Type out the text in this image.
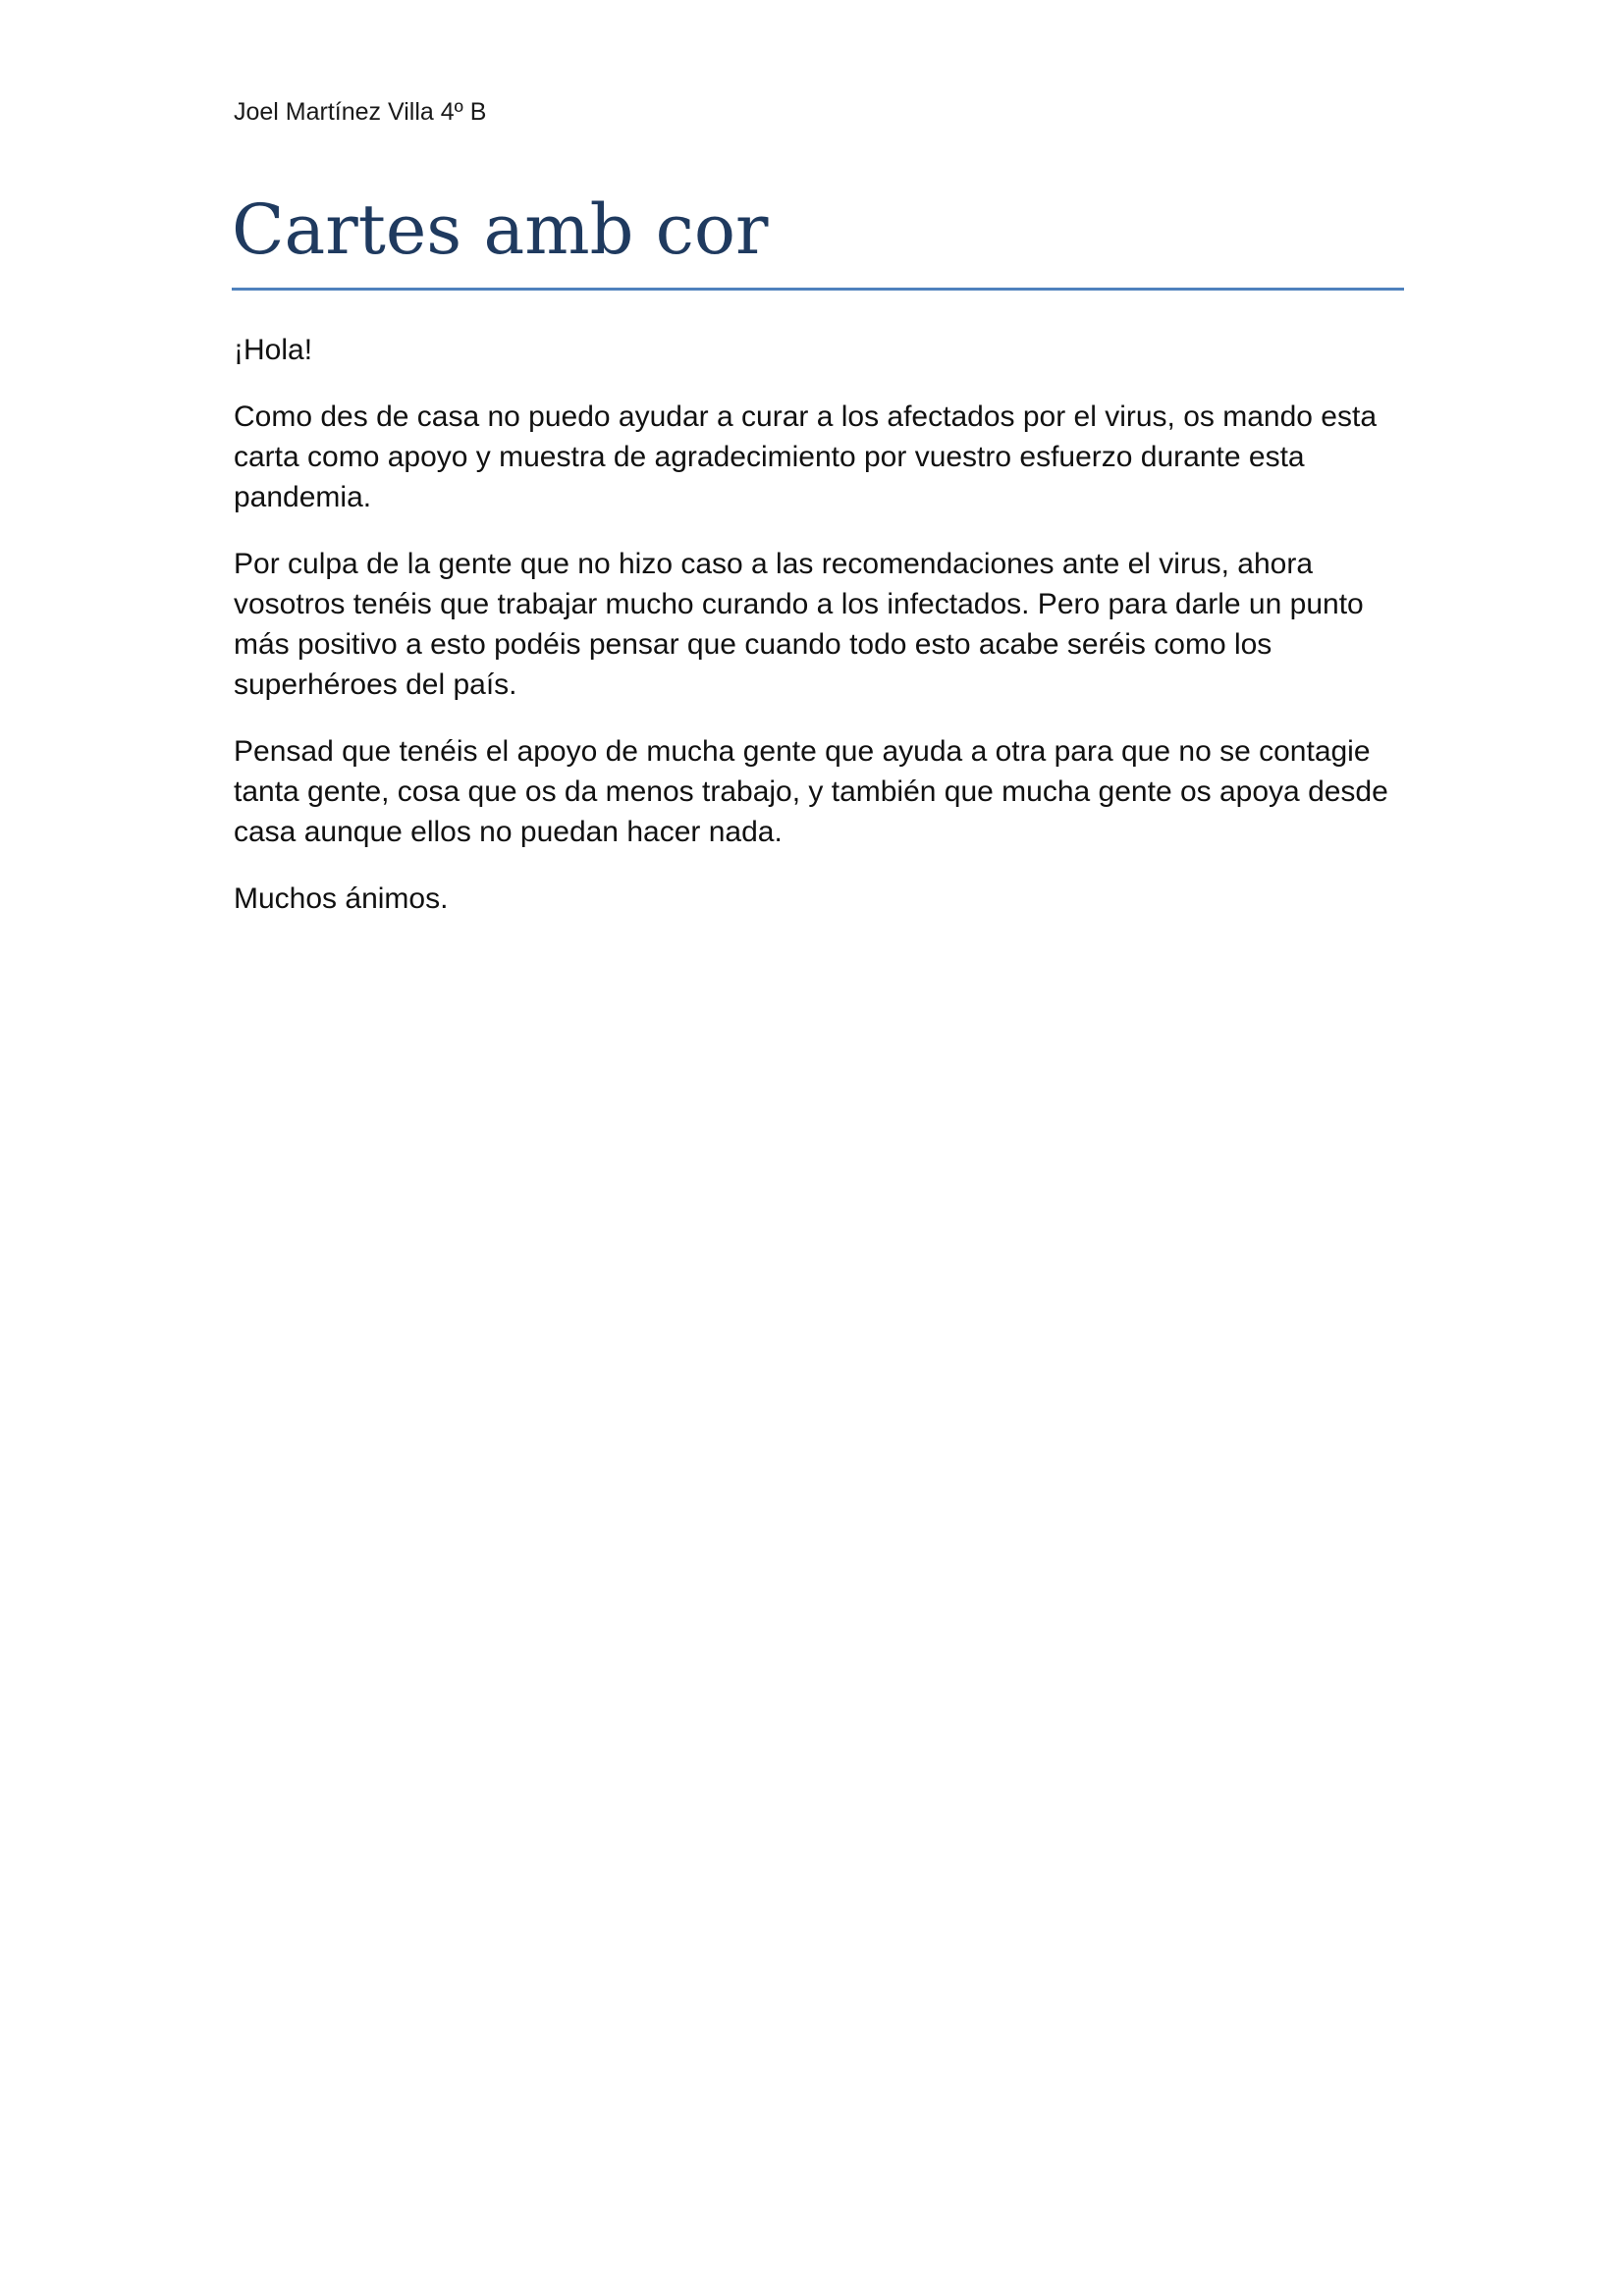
Joel Martínez Villa 4º B
Cartes amb cor

¡Hola!

Como des de casa no puedo ayudar a curar a los afectados por el virus, os mando esta carta como apoyo y muestra de agradecimiento por vuestro esfuerzo durante esta pandemia.

Por culpa de la gente que no hizo caso a las recomendaciones ante el virus, ahora vosotros tenéis que trabajar mucho curando a los infectados. Pero para darle un punto más positivo a esto podéis pensar que cuando todo esto acabe seréis como los superhéroes del país.

Pensad que tenéis el apoyo de mucha gente que ayuda a otra para que no se contagie tanta gente, cosa que os da menos trabajo, y también que mucha gente os apoya desde casa aunque ellos no puedan hacer nada.

Muchos ánimos.
